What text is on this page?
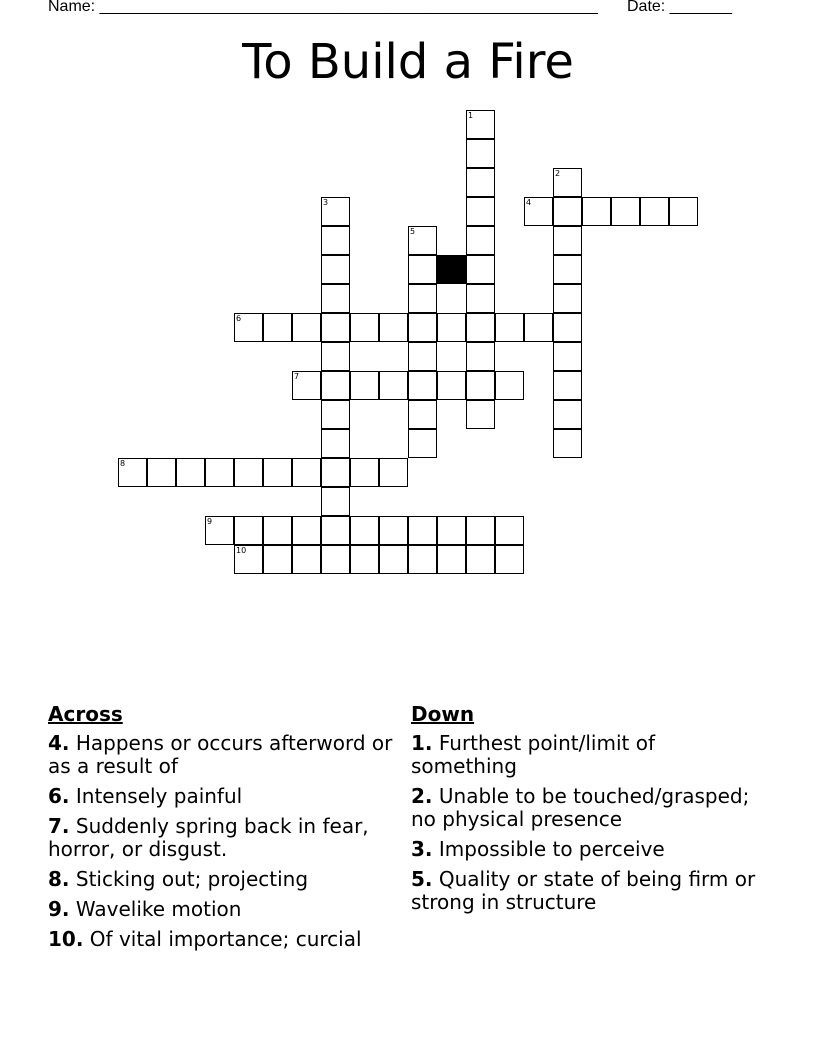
Name: ________________________________________________________ Date: _______
To Build a Fire
1
2
3	4
5
6
7
8
9
10
Across
4. Happens or occurs afterword or as a result of
6. Intensely painful
7. Suddenly spring back in fear, horror, or disgust.
8. Sticking out; projecting
9. Wavelike motion
10. Of vital importance; curcial
Down
1. Furthest point/limit of something
2. Unable to be touched/grasped; no physical presence
3. Impossible to perceive
5. Quality or state of being firm or strong in structure
